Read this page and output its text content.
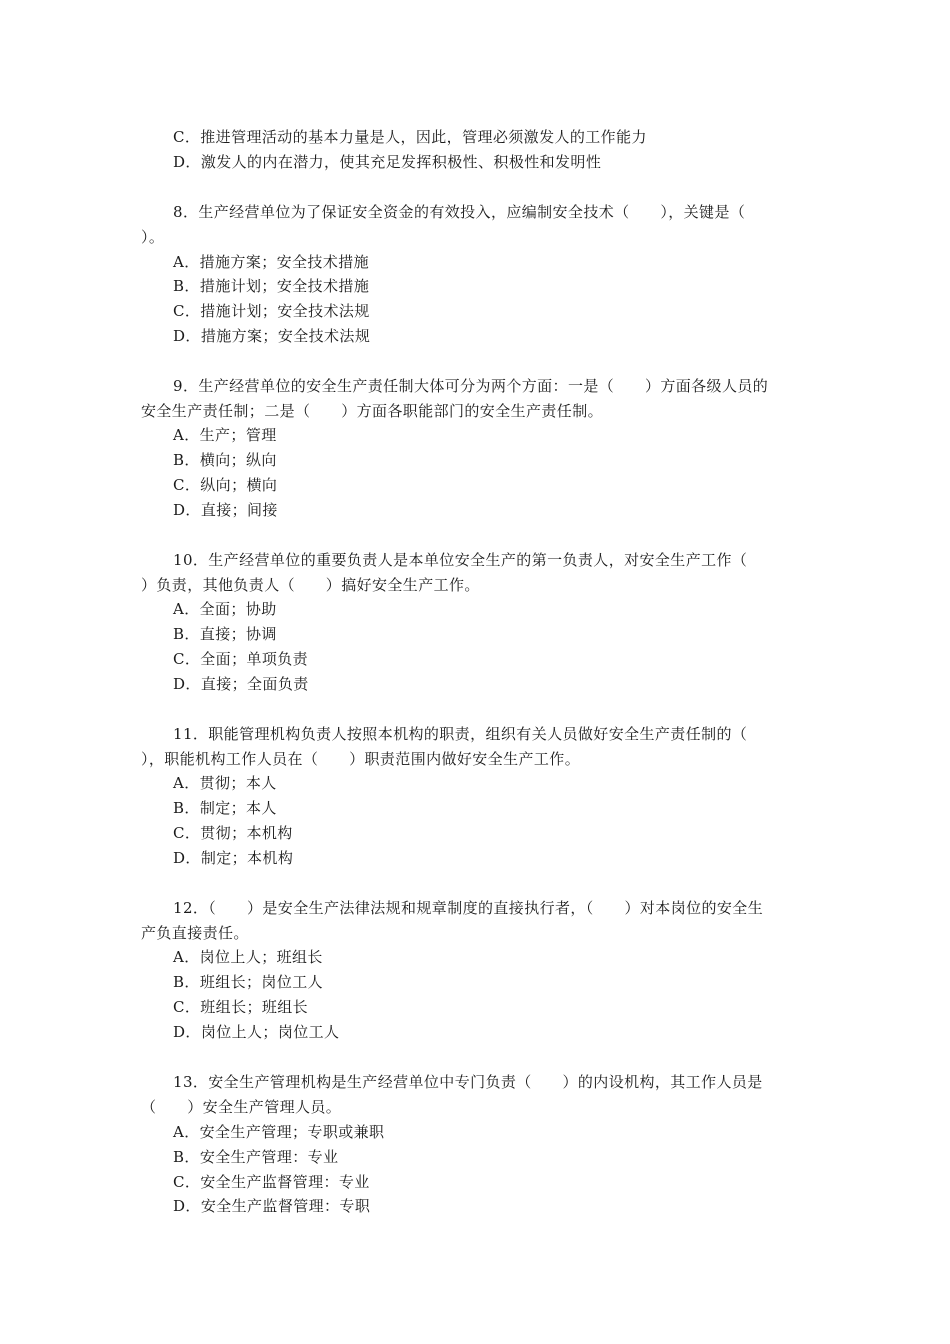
C．推进管理活动的基本力量是人，因此，管理必须激发人的工作能力
D．激发人的内在潜力，使其充足发挥积极性、积极性和发明性
8．生产经营单位为了保证安全资金的有效投入，应编制安全技术（　　），关键是（
）。
A．措施方案；安全技术措施
B．措施计划；安全技术措施
C．措施计划；安全技术法规
D．措施方案；安全技术法规
9．生产经营单位的安全生产责任制大体可分为两个方面：一是（　　）方面各级人员的
安全生产责任制；二是（　　）方面各职能部门的安全生产责任制。
A．生产；管理
B．横向；纵向
C．纵向；横向
D．直接；间接
10．生产经营单位的重要负责人是本单位安全生产的第一负责人，对安全生产工作（
）负责，其他负责人（　　）搞好安全生产工作。
A．全面；协助
B．直接；协调
C．全面；单项负责
D．直接；全面负责
11．职能管理机构负责人按照本机构的职责，组织有关人员做好安全生产责任制的（
），职能机构工作人员在（　　）职责范围内做好安全生产工作。
A．贯彻；本人
B．制定；本人
C．贯彻；本机构
D．制定；本机构
12．（　　）是安全生产法律法规和规章制度的直接执行者，（　　）对本岗位的安全生
产负直接责任。
A．岗位上人；班组长
B．班组长；岗位工人
C．班组长；班组长
D．岗位上人；岗位工人
13．安全生产管理机构是生产经营单位中专门负责（　　）的内设机构，其工作人员是
（　　）安全生产管理人员。
A．安全生产管理；专职或兼职
B．安全生产管理：专业
C．安全生产监督管理：专业
D．安全生产监督管理：专职
